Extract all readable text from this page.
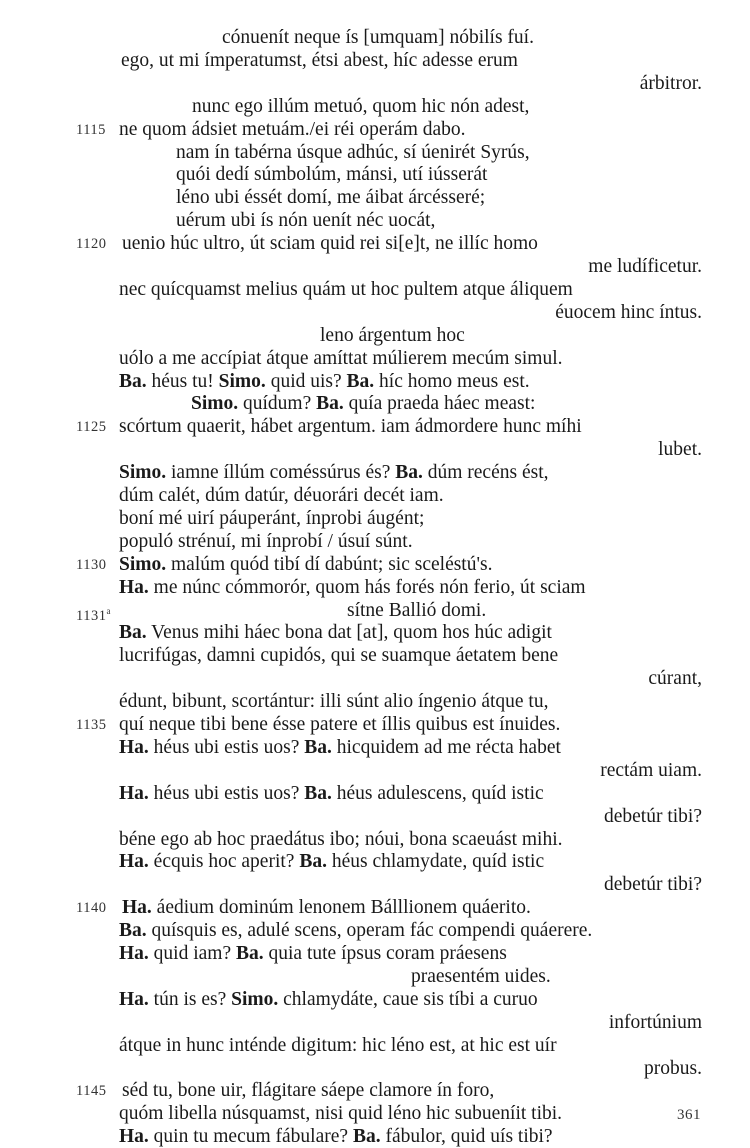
cónuenít neque ís [umquam] nóbilís fuí.
ego, ut mi ímperatumst, étsi abest, híc adesse erum
árbitror.
nunc ego illúm metuó, quom hic nón adest,
1115 ne quom ádsiet metuám./ei réi operám dabo.
nam ín tabérna úsque adhúc, sí úenirét Syrús,
quói dedí súmbolúm, mánsi, utí iússerát
léno ubi éssét domí, me áibat árcésseré;
uérum ubi ís nón uenít néc uocát,
1120 uenio húc ultro, út sciam quid rei si[e]t, ne illíc homo
me ludíficetur.
nec quícquamst melius quám ut hoc pultem atque áliquem
éuocem hinc íntus.
leno árgentum hoc
uólo a me accípiat átque amíttat múlierem mecúm simul.
Ba. héus tu! Simo. quid uis? Ba. híc homo meus est.
Simo. quídum? Ba. quía praeda háec meast:
1125 scórtum quaerit, hábet argentum. iam ádmordere hunc míhi
lubet.
Simo. iamne íllúm coméssúrus és? Ba. dúm recéns ést,
dúm calét, dúm datúr, déuorári decét iam.
boní mé uirí páuperánt, ínprobi áugént;
populó strénuí, mi ínprobí / úsuí súnt.
1130 Simo. malúm quód tibí dí dabúnt; sic sceléstú's.
Ha. me núnc cómmorór, quom hás forés nón ferio, út sciam
1131$^a$	sítne Ballió domi.
Ba. Venus mihi háec bona dat [at], quom hos húc adigit
lucrifúgas, damni cupidós, qui se suamque áetatem bene
cúrant,
édunt, bibunt, scortántur: illi súnt alio íngenio átque tu,
1135 quí neque tibi bene ésse patere et íllis quibus est ínuides.
Ha. héus ubi estis uos? Ba. hicquidem ad me récta habet
rectám uiam.
Ha. héus ubi estis uos? Ba. héus adulescens, quíd istic
debetúr tibi?
béne ego ab hoc praedátus ibo; nóui, bona scaeuást mihi.
Ha. écquis hoc aperit? Ba. héus chlamydate, quíd istic
debetúr tibi?
1140 Ha. áedium dominúm lenonem Bálllionem quáerito.
Ba. quísquis es, adulé scens, operam fác compendi quáerere.
Ha. quid iam? Ba. quia tute ípsus coram práesens
praesentém uides.
Ha. tún is es? Simo. chlamydáte, caue sis tíbi a curuo
infortúnium
átque in hunc inténde digitum: hic léno est, at hic est uír
probus.
1145 séd tu, bone uir, flágitare sáepe clamore ín foro,
quóm libella núsquamst, nisi quid léno hic subueníit tibi.
Ha. quin tu mecum fábulare? Ba. fábulor, quid uís tibi?
361
